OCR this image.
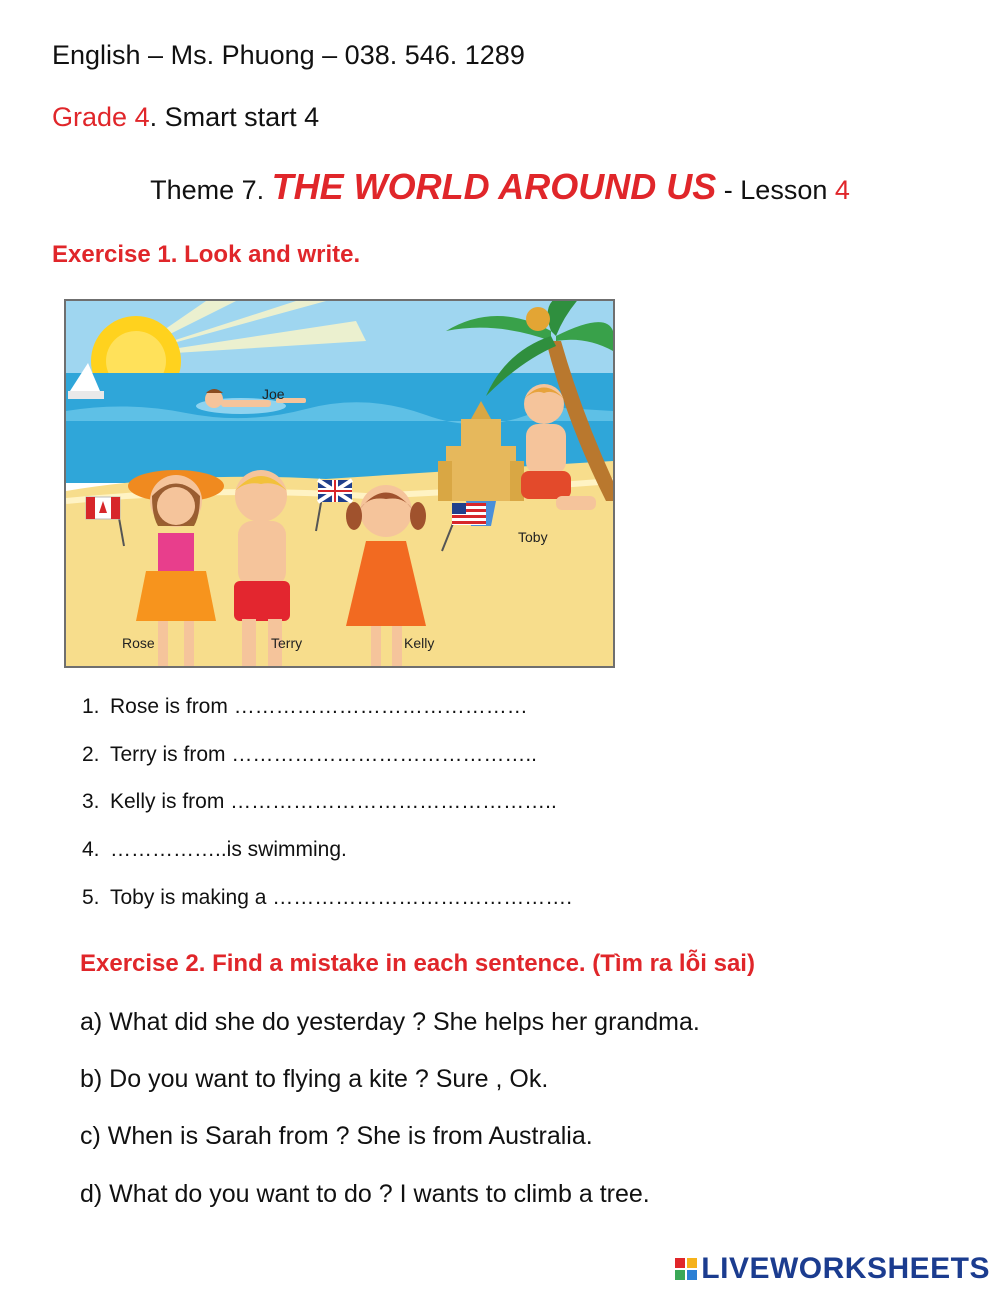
English – Ms. Phuong – 038. 546. 1289
Grade 4. Smart start 4
Theme 7. THE WORLD AROUND US - Lesson 4
Exercise 1. Look and write.
Joe
Toby
Rose	Terry	Kelly
1. Rose is from ……………………………………
2. Terry is from ……………………………………..
3. Kelly is from ………………………………………..
4. ……………..is swimming.
5. Toby is making a …………………………………….
Exercise 2. Find a mistake in each sentence. (Tìm ra lỗi sai)
a) What did she do yesterday ? She helps her grandma.
b) Do you want to flying a kite ? Sure , Ok.
c) When is Sarah from ? She is from Australia.
d) What do you want to do ? I wants to climb a tree.
LIVEWORKSHEETS
